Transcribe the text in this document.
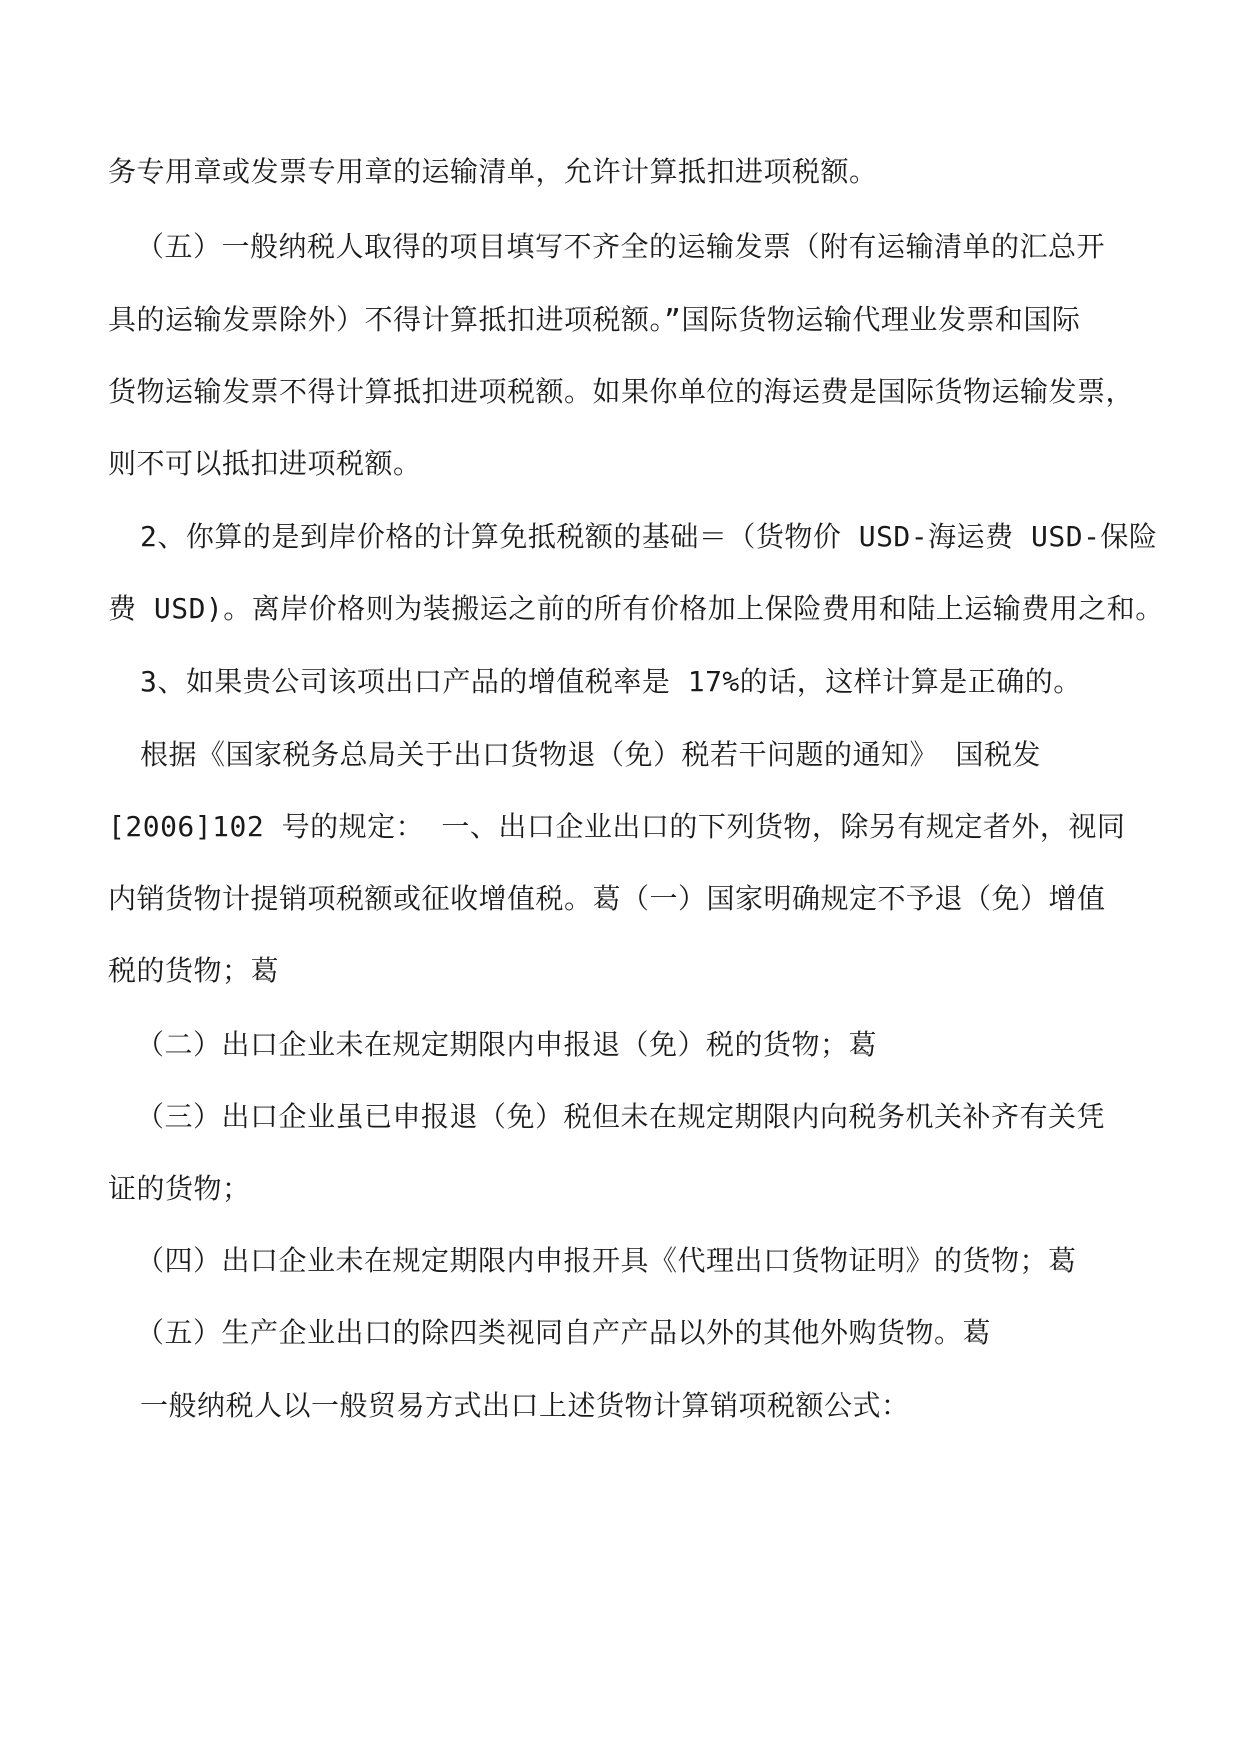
务专用章或发票专用章的运输清单，允许计算抵扣进项税额。
（五）一般纳税人取得的项目填写不齐全的运输发票（附有运输清单的汇总开
具的运输发票除外）不得计算抵扣进项税额。”国际货物运输代理业发票和国际
货物运输发票不得计算抵扣进项税额。如果你单位的海运费是国际货物运输发票，
则不可以抵扣进项税额。
2、你算的是到岸价格的计算免抵税额的基础＝（货物价 USD-海运费 USD-保险
费 USD)。离岸价格则为装搬运之前的所有价格加上保险费用和陆上运输费用之和。
3、如果贵公司该项出口产品的增值税率是 17%的话，这样计算是正确的。
根据《国家税务总局关于出口货物退（免）税若干问题的通知》 国税发
[2006]102 号的规定： 一、出口企业出口的下列货物，除另有规定者外，视同
内销货物计提销项税额或征收增值税。葛（一）国家明确规定不予退（免）增值
税的货物；葛
（二）出口企业未在规定期限内申报退（免）税的货物；葛
（三）出口企业虽已申报退（免）税但未在规定期限内向税务机关补齐有关凭
证的货物；
（四）出口企业未在规定期限内申报开具《代理出口货物证明》的货物；葛
（五）生产企业出口的除四类视同自产产品以外的其他外购货物。葛
一般纳税人以一般贸易方式出口上述货物计算销项税额公式：
